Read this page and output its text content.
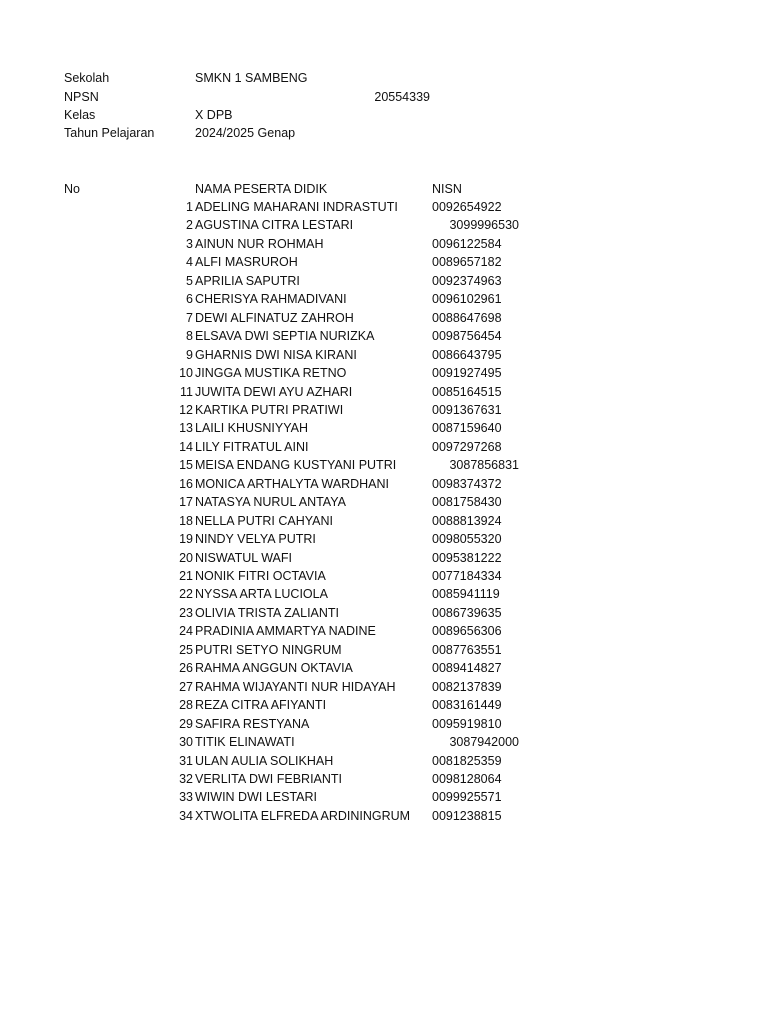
Sekolah	SMKN 1 SAMBENG
NPSN	20554339
Kelas	X DPB
Tahun Pelajaran	2024/2025 Genap
No	NAMA PESERTA DIDIK	NISN
1 ADELING MAHARANI INDRASTUTI	0092654922
2 AGUSTINA CITRA LESTARI	3099996530
3 AINUN NUR ROHMAH	0096122584
4 ALFI MASRUROH	0089657182
5 APRILIA SAPUTRI	0092374963
6 CHERISYA RAHMADIVANI	0096102961
7 DEWI ALFINATUZ ZAHROH	0088647698
8 ELSAVA DWI SEPTIA NURIZKA	0098756454
9 GHARNIS DWI NISA KIRANI	0086643795
10 JINGGA MUSTIKA RETNO	0091927495
11 JUWITA DEWI AYU AZHARI	0085164515
12 KARTIKA PUTRI PRATIWI	0091367631
13 LAILI KHUSNIYYAH	0087159640
14 LILY FITRATUL AINI	0097297268
15 MEISA ENDANG KUSTYANI PUTRI	3087856831
16 MONICA ARTHALYTA WARDHANI	0098374372
17 NATASYA NURUL ANTAYA	0081758430
18 NELLA PUTRI CAHYANI	0088813924
19 NINDY VELYA PUTRI	0098055320
20 NISWATUL WAFI	0095381222
21 NONIK FITRI OCTAVIA	0077184334
22 NYSSA ARTA LUCIOLA	0085941119
23 OLIVIA TRISTA ZALIANTI	0086739635
24 PRADINIA AMMARTYA NADINE	0089656306
25 PUTRI SETYO NINGRUM	0087763551
26 RAHMA ANGGUN OKTAVIA	0089414827
27 RAHMA WIJAYANTI NUR HIDAYAH	0082137839
28 REZA CITRA AFIYANTI	0083161449
29 SAFIRA RESTYANA	0095919810
30 TITIK ELINAWATI	3087942000
31 ULAN AULIA SOLIKHAH	0081825359
32 VERLITA DWI FEBRIANTI	0098128064
33 WIWIN DWI LESTARI	0099925571
34 XTWOLITA ELFREDA ARDININGRUM 0091238815
